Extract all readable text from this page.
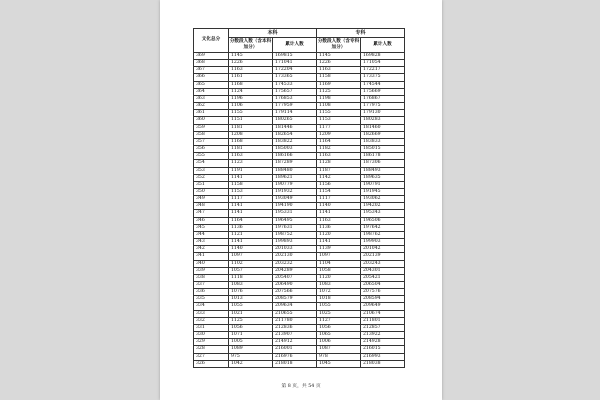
文化总分	本科		专科	
	分数段人数（含本科加分）	累计人数	分数段人数（含专科加分）	累计人数
369	1145	169815	1145	169828
368	1226	171041	1226	171054
367	1163	172204	1163	172217
366	1161	173365	1158	173375
365	1168	174533	1169	174544
364	1124	175657	1125	175669
363	1196	176853	1198	176867
362	1106	177959	1108	177975
361	1155	179114	1155	179130
360	1151	180265	1153	180283
359	1181	181446	1177	181460
358	1208	182654	1209	182669
357	1168	183822	1164	183833
356	1181	185003	1182	185015
355	1163	186166	1163	186178
354	1123	187289	1128	187306
353	1191	188480	1187	188493
352	1141	189621	1142	189635
351	1158	190779	1156	190791
350	1153	191932	1154	191945
349	1117	193049	1117	193062
348	1141	194190	1140	194202
347	1141	195331	1141	195343
346	1164	196495	1163	196506
345	1136	197631	1136	197642
344	1121	198752	1120	198762
343	1141	199893	1141	199903
342	1140	201033	1139	201042
341	1097	202130	1097	202139
340	1102	203232	1104	203243
339	1057	204289	1058	204301
338	1118	205407	1120	205421
337	1083	206490	1083	206504
336	1076	207566	1072	207576
335	1013	208579	1018	208594
334	1055	209634	1055	209649
333	1021	210655	1025	210674
332	1125	211780	1127	211801
331	1056	212836	1056	212857
330	1071	213907	1065	213922
329	1005	214912	1006	214928
328	1089	216001	1087	216015
327	975	216976	978	216993
326	1042	218018	1045	218038
第 8 页，共 54 页
